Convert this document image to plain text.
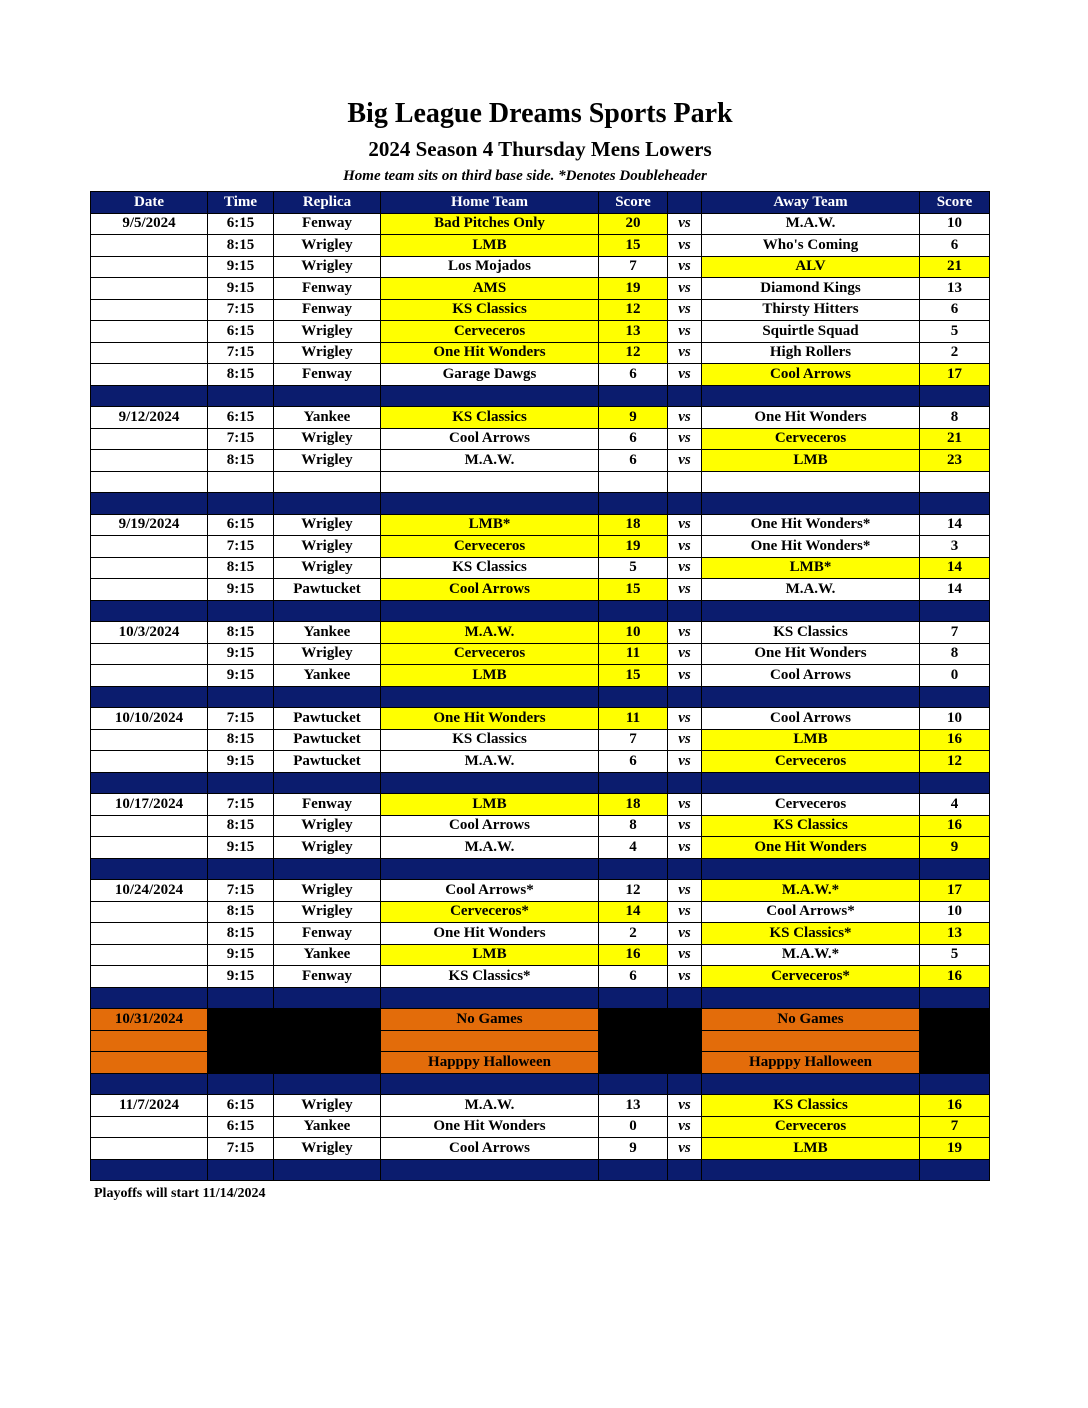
Big League Dreams Sports Park
2024 Season 4 Thursday Mens Lowers
Home team sits on third base side. *Denotes Doubleheader
Date	Time	Replica	Home Team	Score		Away Team	Score
9/5/2024	6:15	Fenway	Bad Pitches Only	20	vs	M.A.W.	10
	8:15	Wrigley	LMB	15	vs	Who's Coming	6
	9:15	Wrigley	Los Mojados	7	vs	ALV	21
	9:15	Fenway	AMS	19	vs	Diamond Kings	13
	7:15	Fenway	KS Classics	12	vs	Thirsty Hitters	6
	6:15	Wrigley	Cerveceros	13	vs	Squirtle Squad	5
	7:15	Wrigley	One Hit Wonders	12	vs	High Rollers	2
	8:15	Fenway	Garage Dawgs	6	vs	Cool Arrows	17

9/12/2024	6:15	Yankee	KS Classics	9	vs	One Hit Wonders	8
	7:15	Wrigley	Cool Arrows	6	vs	Cerveceros	21
	8:15	Wrigley	M.A.W.	6	vs	LMB	23

9/19/2024	6:15	Wrigley	LMB*	18	vs	One Hit Wonders*	14
	7:15	Wrigley	Cerveceros	19	vs	One Hit Wonders*	3
	8:15	Wrigley	KS Classics	5	vs	LMB*	14
	9:15	Pawtucket	Cool Arrows	15	vs	M.A.W.	14

10/3/2024	8:15	Yankee	M.A.W.	10	vs	KS Classics	7
	9:15	Wrigley	Cerveceros	11	vs	One Hit Wonders	8
	9:15	Yankee	LMB	15	vs	Cool Arrows	0

10/10/2024	7:15	Pawtucket	One Hit Wonders	11	vs	Cool Arrows	10
	8:15	Pawtucket	KS Classics	7	vs	LMB	16
	9:15	Pawtucket	M.A.W.	6	vs	Cerveceros	12

10/17/2024	7:15	Fenway	LMB	18	vs	Cerveceros	4
	8:15	Wrigley	Cool Arrows	8	vs	KS Classics	16
	9:15	Wrigley	M.A.W.	4	vs	One Hit Wonders	9

10/24/2024	7:15	Wrigley	Cool Arrows*	12	vs	M.A.W.*	17
	8:15	Wrigley	Cerveceros*	14	vs	Cool Arrows*	10
	8:15	Fenway	One Hit Wonders	2	vs	KS Classics*	13
	9:15	Yankee	LMB	16	vs	M.A.W.*	5
	9:15	Fenway	KS Classics*	6	vs	Cerveceros*	16

10/31/2024			No Games			No Games	

			Happpy Halloween			Happpy Halloween	

11/7/2024	6:15	Wrigley	M.A.W.	13	vs	KS Classics	16
	6:15	Yankee	One Hit Wonders	0	vs	Cerveceros	7
	7:15	Wrigley	Cool Arrows	9	vs	LMB	19

Playoffs will start 11/14/2024
